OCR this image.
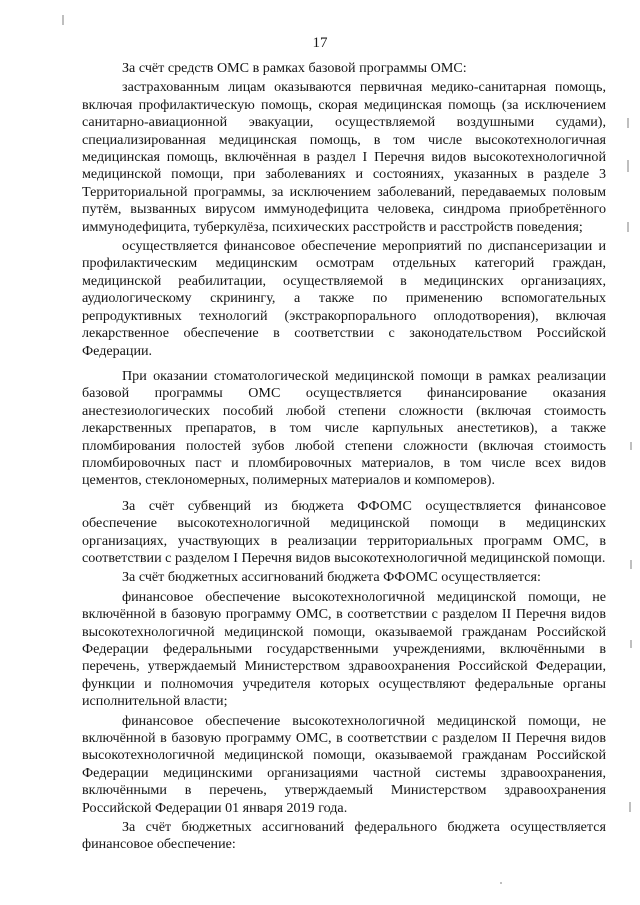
17

За счёт средств ОМС в рамках базовой программы ОМС:

застрахованным лицам оказываются первичная медико-санитарная помощь, включая профилактическую помощь, скорая медицинская помощь (за исключением санитарно-авиационной эвакуации, осуществляемой воздушными судами), специализированная медицинская помощь, в том числе высокотехнологичная медицинская помощь, включённая в раздел I Перечня видов высокотехнологичной медицинской помощи, при заболеваниях и состояниях, указанных в разделе 3 Территориальной программы, за исключением заболеваний, передаваемых половым путём, вызванных вирусом иммунодефицита человека, синдрома приобретённого иммунодефицита, туберкулёза, психических расстройств и расстройств поведения;

осуществляется финансовое обеспечение мероприятий по диспансеризации и профилактическим медицинским осмотрам отдельных категорий граждан, медицинской реабилитации, осуществляемой в медицинских организациях, аудиологическому скринингу, а также по применению вспомогательных репродуктивных технологий (экстракорпорального оплодотворения), включая лекарственное обеспечение в соответствии с законодательством Российской Федерации.

При оказании стоматологической медицинской помощи в рамках реализации базовой программы ОМС осуществляется финансирование оказания анестезиологических пособий любой степени сложности (включая стоимость лекарственных препаратов, в том числе карпульных анестетиков), а также пломбирования полостей зубов любой степени сложности (включая стоимость пломбировочных паст и пломбировочных материалов, в том числе всех видов цементов, стеклономерных, полимерных материалов и компомеров).

За счёт субвенций из бюджета ФФОМС осуществляется финансовое обеспечение высокотехнологичной медицинской помощи в медицинских организациях, участвующих в реализации территориальных программ ОМС, в соответствии с разделом I Перечня видов высокотехнологичной медицинской помощи.

За счёт бюджетных ассигнований бюджета ФФОМС осуществляется:

финансовое обеспечение высокотехнологичной медицинской помощи, не включённой в базовую программу ОМС, в соответствии с разделом II Перечня видов высокотехнологичной медицинской помощи, оказываемой гражданам Российской Федерации федеральными государственными учреждениями, включёнными в перечень, утверждаемый Министерством здравоохранения Российской Федерации, функции и полномочия учредителя которых осуществляют федеральные органы исполнительной власти;

финансовое обеспечение высокотехнологичной медицинской помощи, не включённой в базовую программу ОМС, в соответствии с разделом II Перечня видов высокотехнологичной медицинской помощи, оказываемой гражданам Российской Федерации медицинскими организациями частной системы здравоохранения, включёнными в перечень, утверждаемый Министерством здравоохранения Российской Федерации 01 января 2019 года.

За счёт бюджетных ассигнований федерального бюджета осуществляется финансовое обеспечение:
